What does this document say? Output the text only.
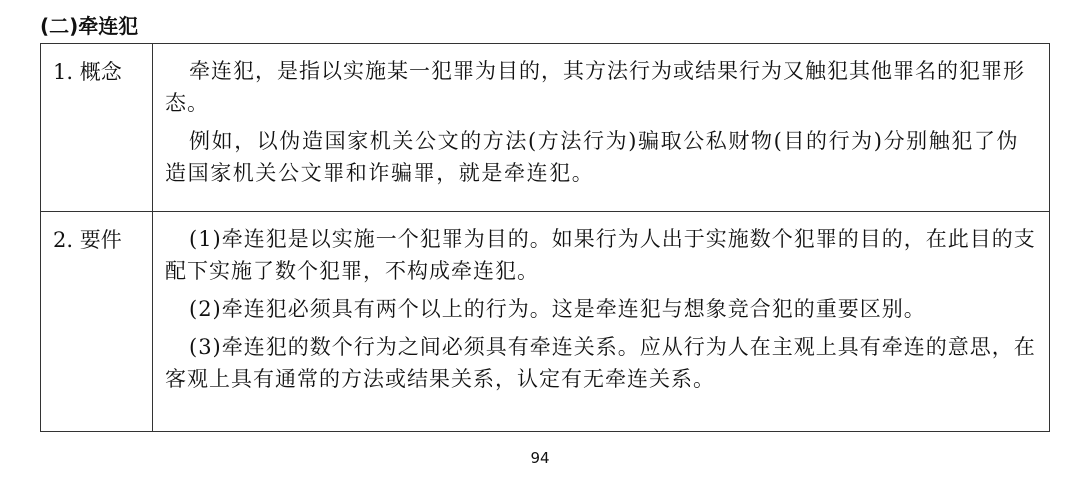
(二)牵连犯
1. 概念	牵连犯，是指以实施某一犯罪为目的，其方法行为或结果行为又触犯其他罪名的犯罪形态。

例如，以伪造国家机关公文的方法(方法行为)骗取公私财物(目的行为)分别触犯了伪造国家机关公文罪和诈骗罪，就是牵连犯。

2. 要件	(1)牵连犯是以实施一个犯罪为目的。如果行为人出于实施数个犯罪的目的，在此目的支配下实施了数个犯罪，不构成牵连犯。

(2)牵连犯必须具有两个以上的行为。这是牵连犯与想象竞合犯的重要区别。

(3)牵连犯的数个行为之间必须具有牵连关系。应从行为人在主观上具有牵连的意思，在客观上具有通常的方法或结果关系，认定有无牵连关系。

94
